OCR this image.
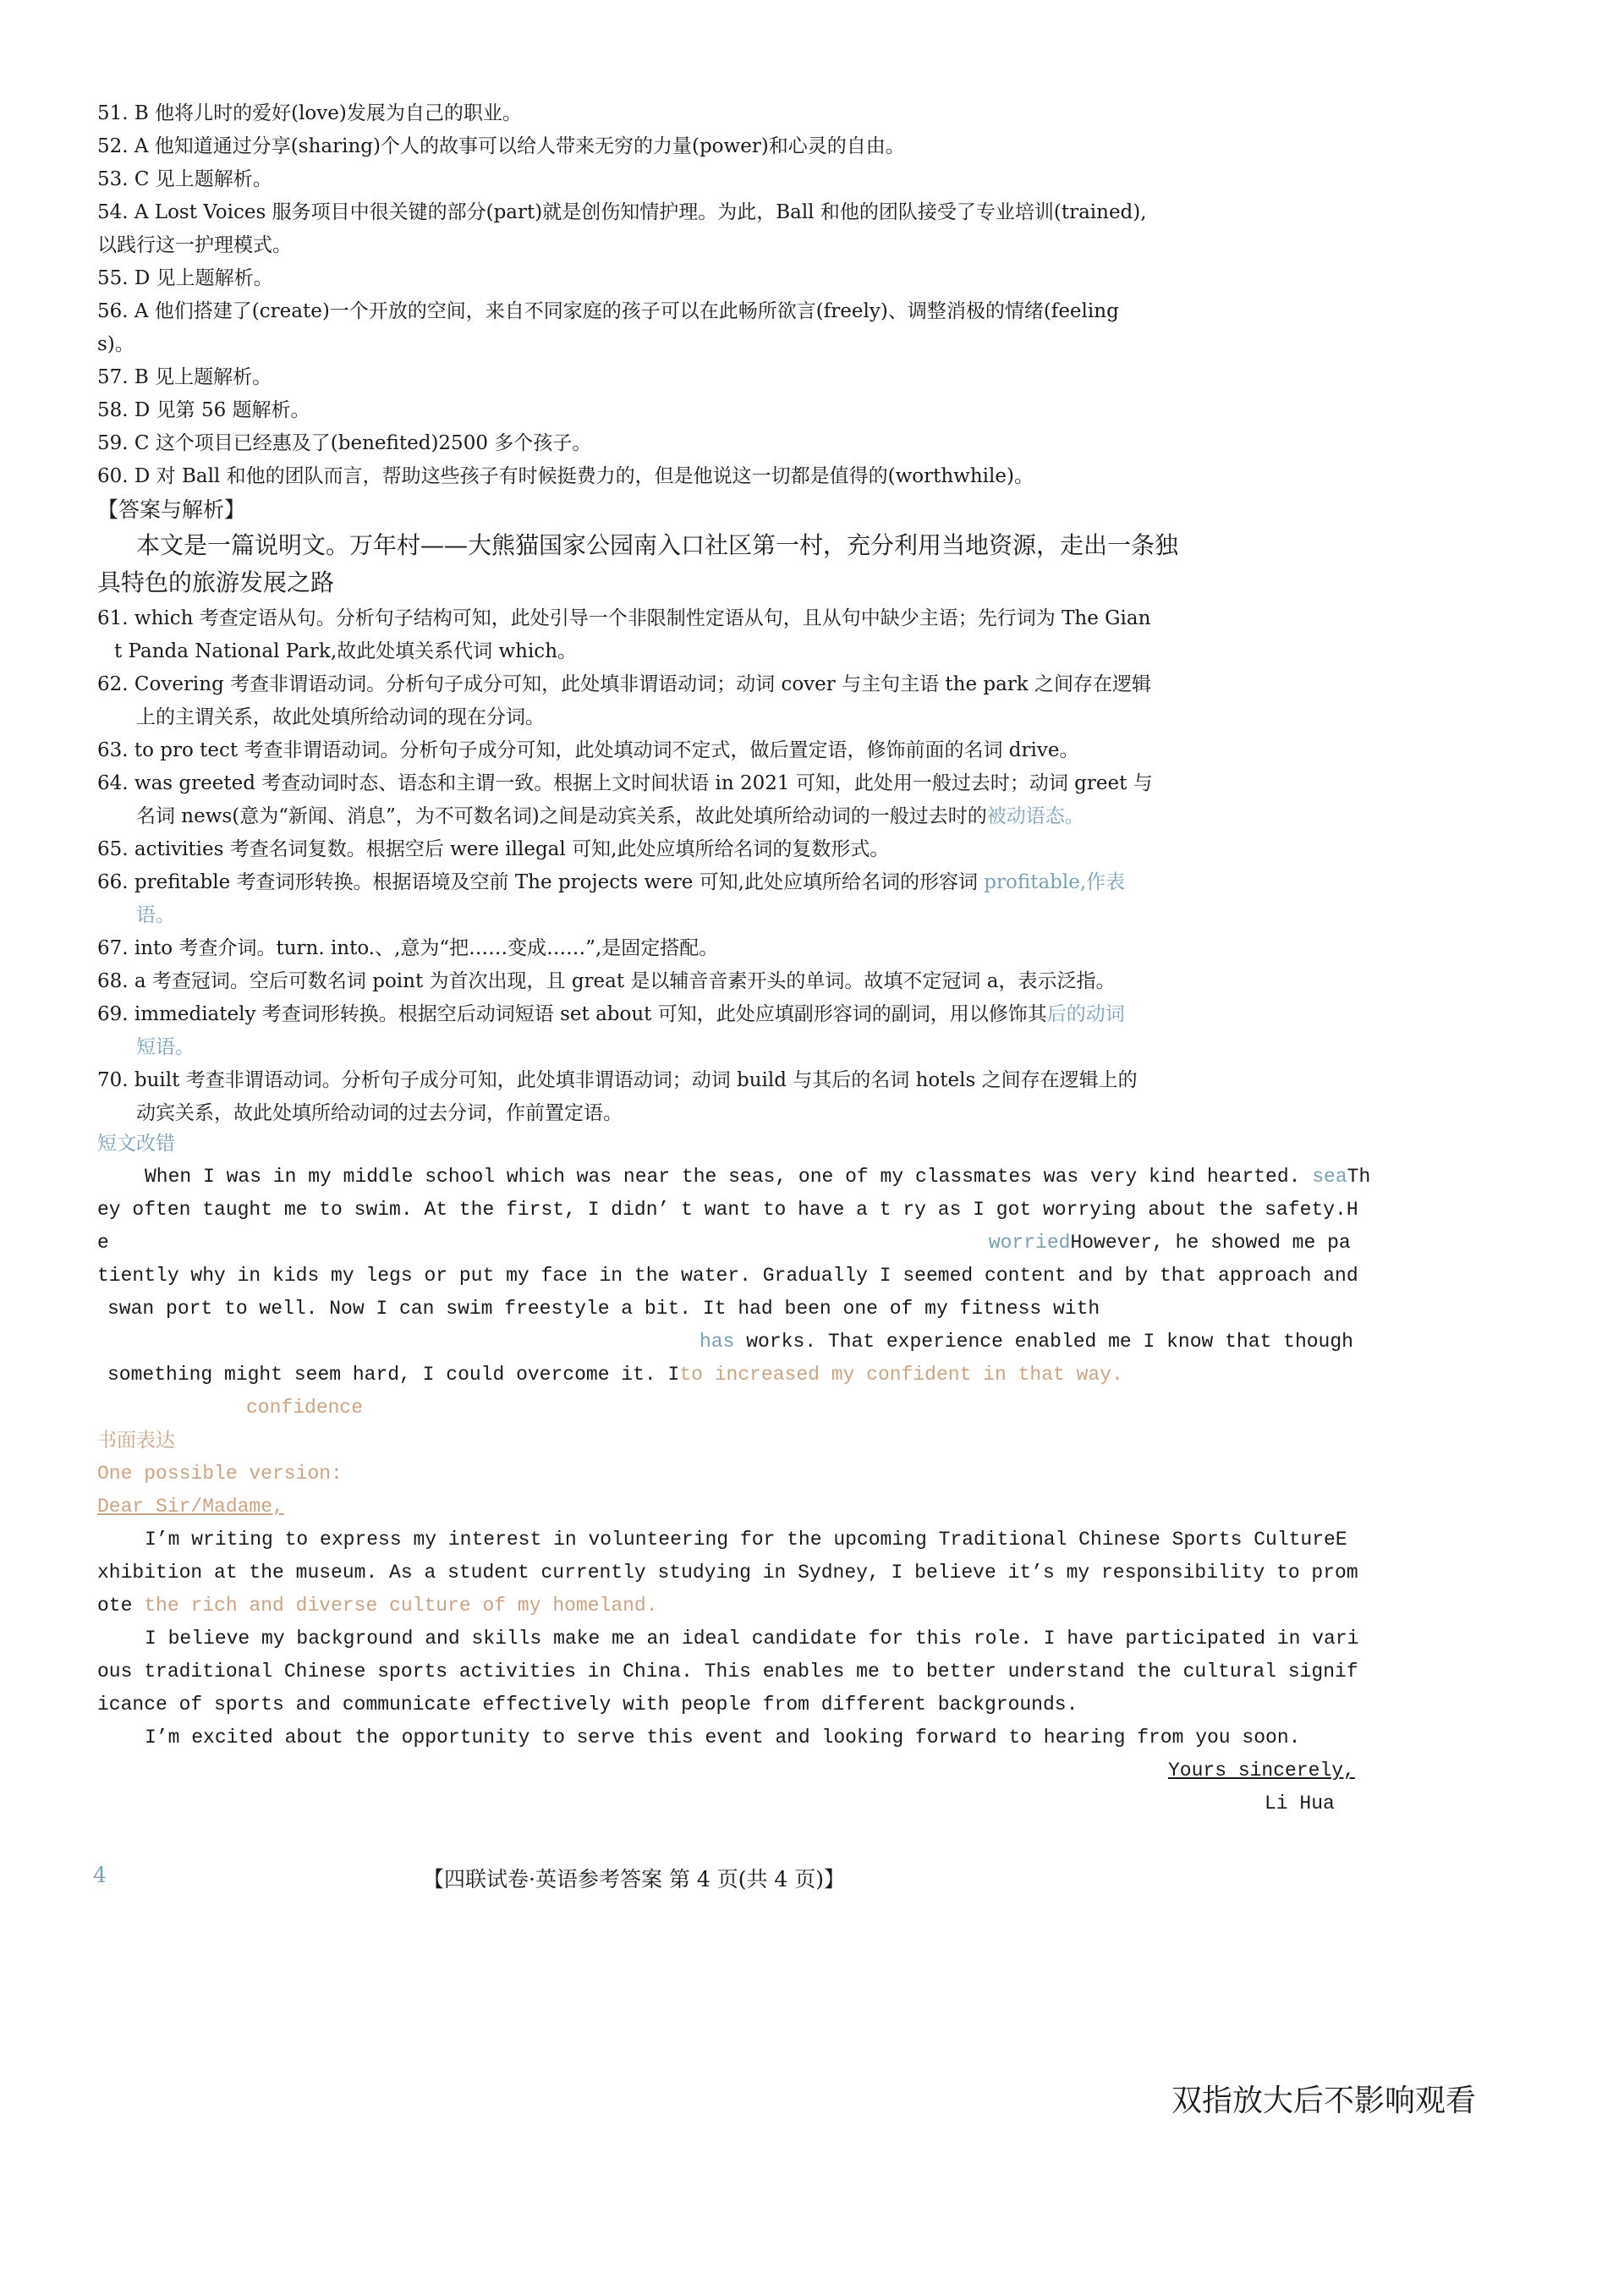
51. B 他将儿时的爱好(love)发展为自己的职业。
52. A 他知道通过分享(sharing)个人的故事可以给人带来无穷的力量(power)和心灵的自由。
53. C 见上题解析。
54. A Lost Voices 服务项目中很关键的部分(part)就是创伤知情护理。为此，Ball 和他的团队接受了专业培训(trained),
以践行这一护理模式。
55. D 见上题解析。
56. A 他们搭建了(create)一个开放的空间，来自不同家庭的孩子可以在此畅所欲言(freely)、调整消极的情绪(feeling
s)。
57. B 见上题解析。
58. D 见第 56 题解析。
59. C 这个项目已经惠及了(benefited)2500 多个孩子。
60. D 对 Ball 和他的团队而言，帮助这些孩子有时候挺费力的，但是他说这一切都是值得的(worthwhile)。
【答案与解析】
本文是一篇说明文。万年村——大熊猫国家公园南入口社区第一村，充分利用当地资源，走出一条独
具特色的旅游发展之路
61. which 考查定语从句。分析句子结构可知，此处引导一个非限制性定语从句，且从句中缺少主语；先行词为 The Gian
t Panda National Park,故此处填关系代词 which。
62. Covering 考查非谓语动词。分析句子成分可知，此处填非谓语动词；动词 cover 与主句主语 the park 之间存在逻辑
上的主谓关系，故此处填所给动词的现在分词。
63. to pro tect 考查非谓语动词。分析句子成分可知，此处填动词不定式，做后置定语，修饰前面的名词 drive。
64. was greeted 考查动词时态、语态和主谓一致。根据上文时间状语 in 2021 可知，此处用一般过去时；动词 greet 与
名词 news(意为“新闻、消息”，为不可数名词)之间是动宾关系，故此处填所给动词的一般过去时的被动语态。
65. activities 考查名词复数。根据空后 were illegal 可知,此处应填所给名词的复数形式。
66. prefitable 考查词形转换。根据语境及空前 The projects were 可知,此处应填所给名词的形容词 profitable,作表
语。
67. into 考查介词。turn. into.、,意为“把……变成……”,是固定搭配。
68. a 考查冠词。空后可数名词 point 为首次出现，且 great 是以辅音音素开头的单词。故填不定冠词 a，表示泛指。
69. immediately 考查词形转换。根据空后动词短语 set about 可知，此处应填副形容词的副词，用以修饰其后的动词
短语。
70. built 考查非谓语动词。分析句子成分可知，此处填非谓语动词；动词 build 与其后的名词 hotels 之间存在逻辑上的
动宾关系，故此处填所给动词的过去分词，作前置定语。
短文改错
When I was in my middle school which was near the seas, one of my classmates was very kind hearted. seaTh
ey often taught me to swim. At the first, I didn’ t want to have a t ry as I got worrying about the safety.H
e	worriedHowever, he showed me pa
tiently why in kids my legs or put my face in the water. Gradually I seemed content and by that approach and
swan port to well. Now I can swim freestyle a bit. It had been one of my fitness with
has works. That experience enabled me I know that though
something might seem hard, I could overcome it. Ito increased my confident in that way.
confidence
书面表达
One possible version:
Dear Sir/Madame,
I’m writing to express my interest in volunteering for the upcoming Traditional Chinese Sports CultureE
xhibition at the museum. As a student currently studying in Sydney, I believe it’s my responsibility to prom
ote the rich and diverse culture of my homeland.
I believe my background and skills make me an ideal candidate for this role. I have participated in vari
ous traditional Chinese sports activities in China. This enables me to better understand the cultural signif
icance of sports and communicate effectively with people from different backgrounds.
I’m excited about the opportunity to serve this event and looking forward to hearing from you soon.
Yours sincerely,
Li Hua
4	【四联试卷·英语参考答案 第 4 页(共 4 页)】
双指放大后不影响观看
